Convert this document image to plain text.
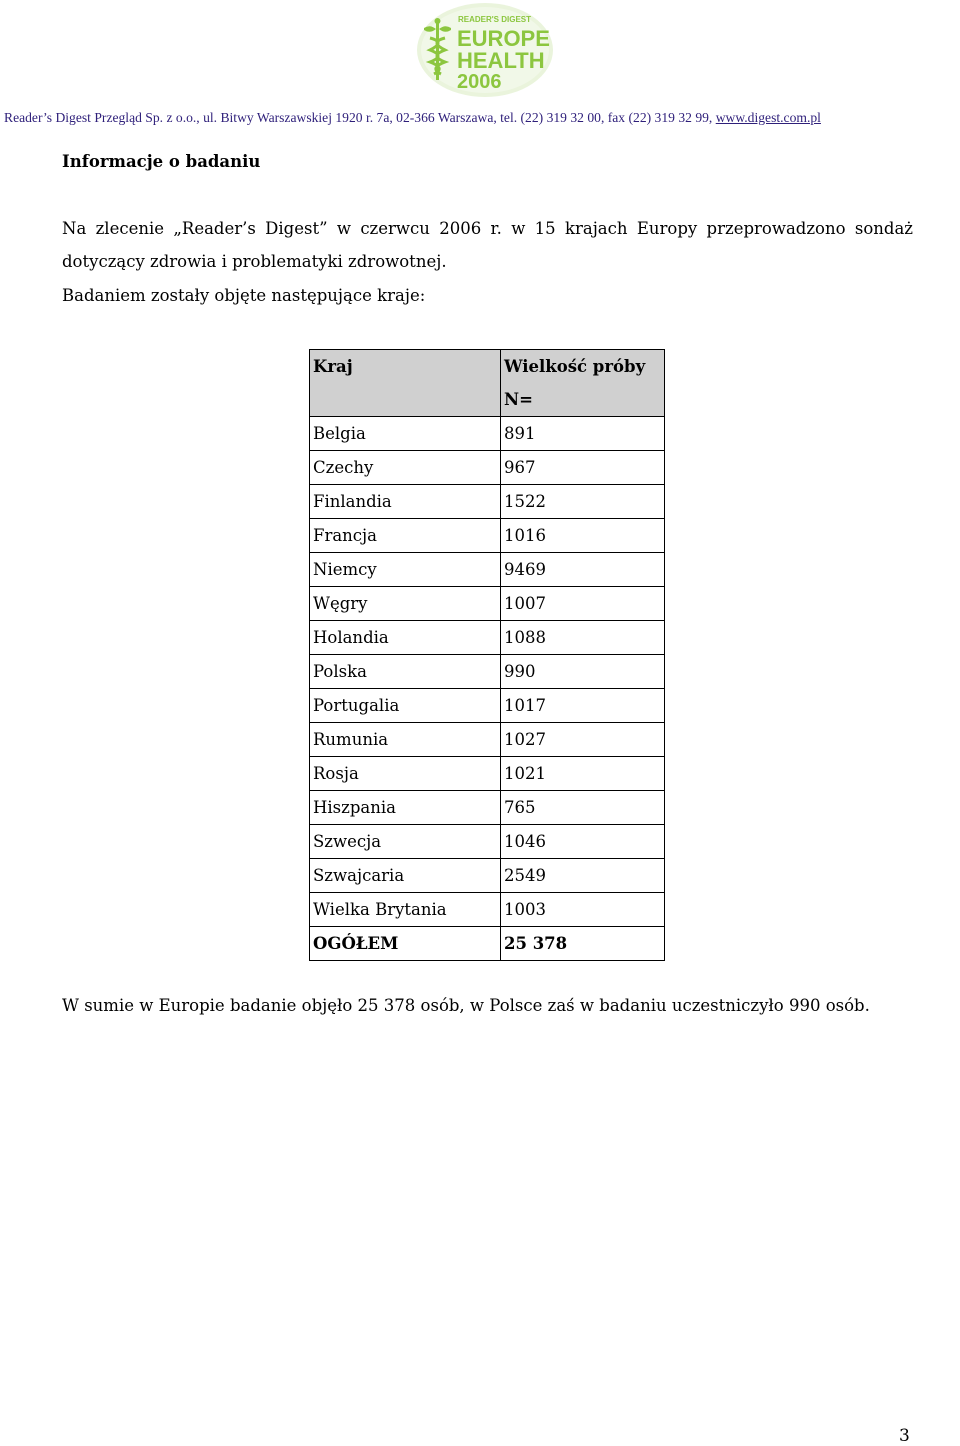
READER'S DIGEST
EUROPE
HEALTH
2006
Reader’s Digest Przegląd Sp. z o.o., ul. Bitwy Warszawskiej 1920 r. 7a, 02-366 Warszawa, tel. (22) 319 32 00, fax (22) 319 32 99, www.digest.com.pl
Informacje o badaniu
Na zlecenie „Reader’s Digest” w czerwcu 2006 r. w 15 krajach Europy przeprowadzono sondaż dotyczący zdrowia i problematyki zdrowotnej.
Badaniem zostały objęte następujące kraje:
Kraj	Wielkość próby
N=
Belgia	891
Czechy	967
Finlandia	1522
Francja	1016
Niemcy	9469
Węgry	1007
Holandia	1088
Polska	990
Portugalia	1017
Rumunia	1027
Rosja	1021
Hiszpania	765
Szwecja	1046
Szwajcaria	2549
Wielka Brytania	1003
OGÓŁEM	25 378
W sumie w Europie badanie objęło 25 378 osób, w Polsce zaś w badaniu uczestniczyło 990 osób.
3
